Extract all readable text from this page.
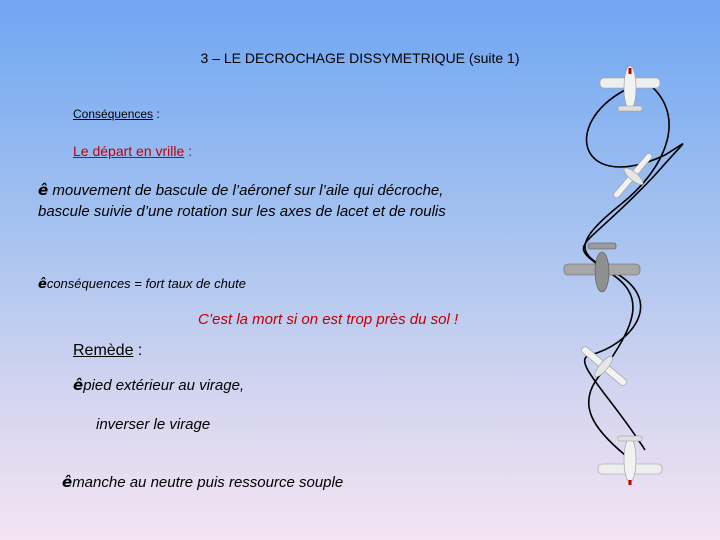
3 – LE DECROCHAGE DISSYMETRIQUE (suite 1)
Conséquences :
Le départ en vrille :
ê mouvement de bascule de l’aéronef sur l’aile qui décroche,
bascule suivie d’une rotation sur les axes de lacet et de roulis
êconséquences = fort taux de chute
C’est la mort si on est trop près du sol !
Remède :
êpied extérieur au virage,
inverser le virage
êmanche au neutre puis ressource souple
